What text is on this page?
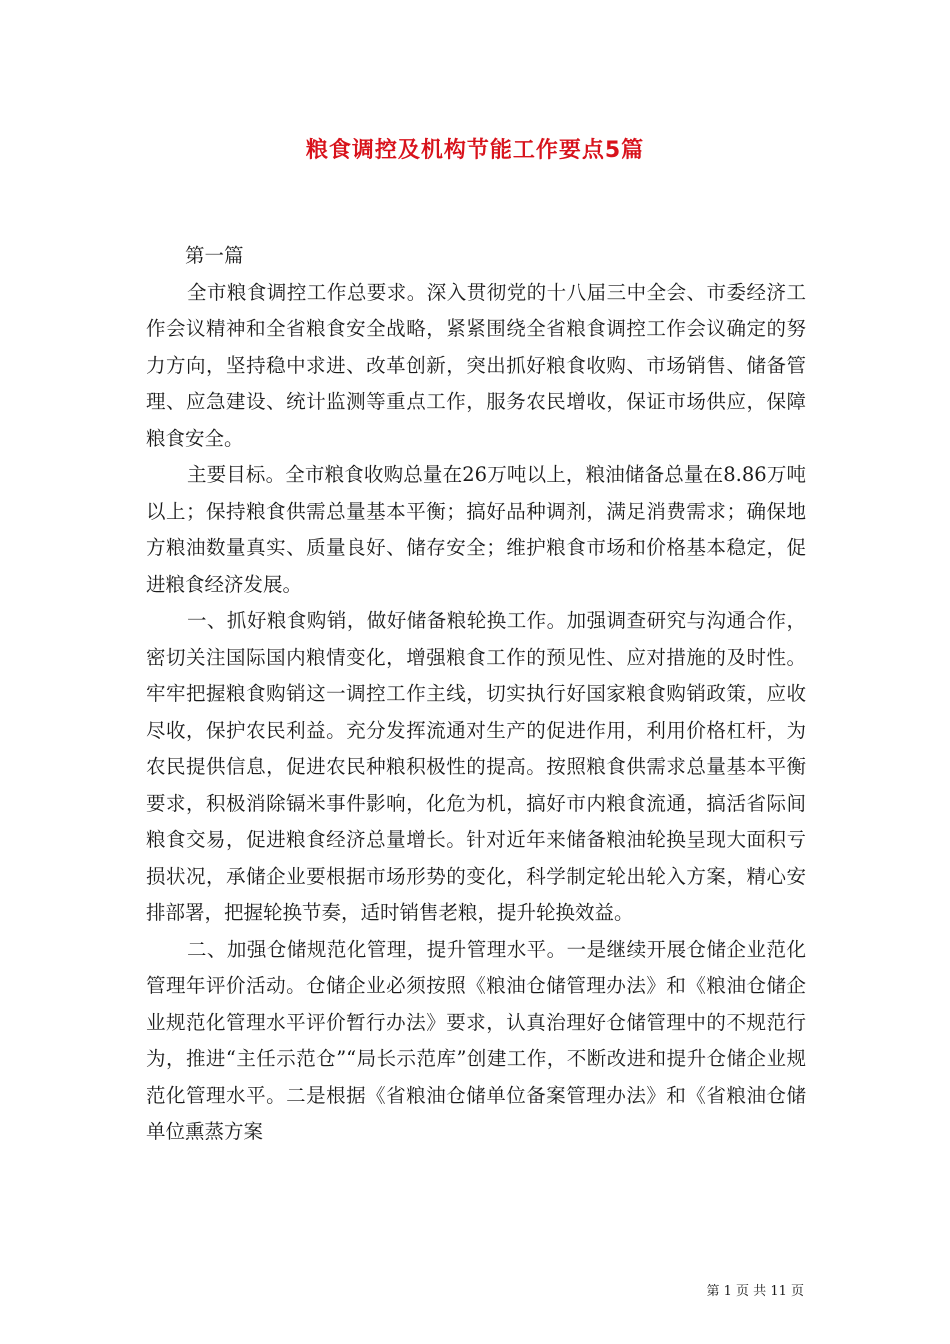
粮食调控及机构节能工作要点5篇

第一篇

全市粮食调控工作总要求。深入贯彻党的十八届三中全会、市委经济工作会议精神和全省粮食安全战略，紧紧围绕全省粮食调控工作会议确定的努力方向，坚持稳中求进、改革创新，突出抓好粮食收购、市场销售、储备管理、应急建设、统计监测等重点工作，服务农民增收，保证市场供应，保障粮食安全。

主要目标。全市粮食收购总量在26万吨以上，粮油储备总量在8.86万吨以上；保持粮食供需总量基本平衡；搞好品种调剂，满足消费需求；确保地方粮油数量真实、质量良好、储存安全；维护粮食市场和价格基本稳定，促进粮食经济发展。

一、抓好粮食购销，做好储备粮轮换工作。加强调查研究与沟通合作，密切关注国际国内粮情变化，增强粮食工作的预见性、应对措施的及时性。牢牢把握粮食购销这一调控工作主线，切实执行好国家粮食购销政策，应收尽收，保护农民利益。充分发挥流通对生产的促进作用，利用价格杠杆，为农民提供信息，促进农民种粮积极性的提高。按照粮食供需求总量基本平衡要求，积极消除镉米事件影响，化危为机，搞好市内粮食流通，搞活省际间粮食交易，促进粮食经济总量增长。针对近年来储备粮油轮换呈现大面积亏损状况，承储企业要根据市场形势的变化，科学制定轮出轮入方案，精心安排部署，把握轮换节奏，适时销售老粮，提升轮换效益。

二、加强仓储规范化管理，提升管理水平。一是继续开展仓储企业范化管理年评价活动。仓储企业必须按照《粮油仓储管理办法》和《粮油仓储企业规范化管理水平评价暂行办法》要求，认真治理好仓储管理中的不规范行为，推进“主任示范仓”“局长示范库”创建工作，不断改进和提升仓储企业规范化管理水平。二是根据《省粮油仓储单位备案管理办法》和《省粮油仓储单位熏蒸方案

第 1 页 共 11 页
